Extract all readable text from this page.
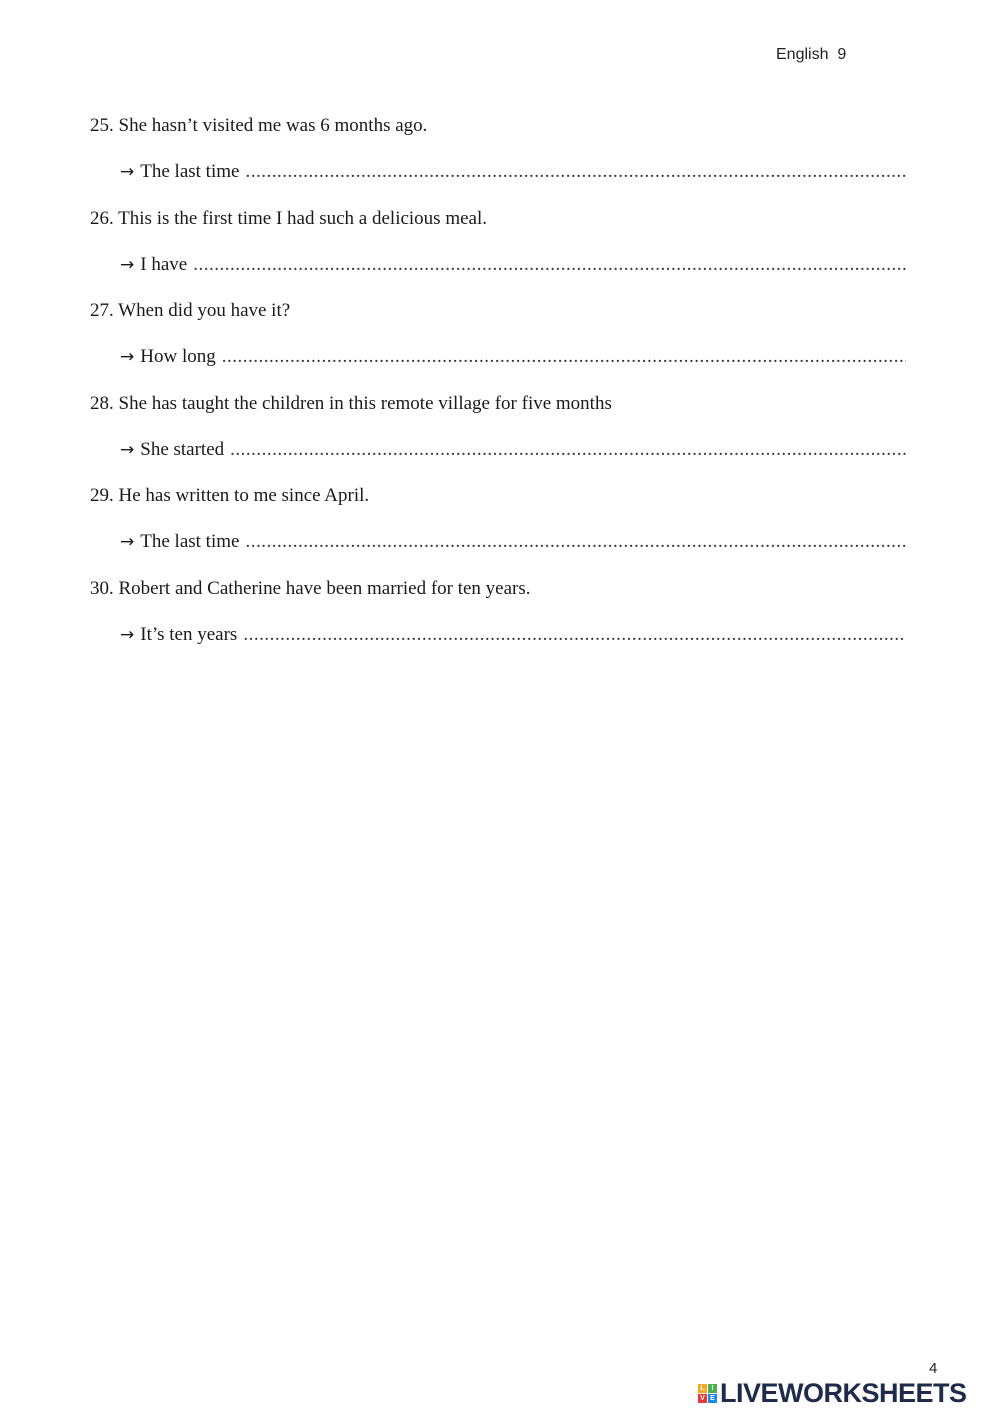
English  9
25. She hasn’t visited me was 6 months ago.
→ The last time
.....
26. This is the first time I had such a delicious meal.
→ I have
.....
27. When did you have it?
→ How long
.....
28. She has taught the children in this remote village for five months
→ She started
.....
29. He has written to me since April.
→ The last time
.....
30. Robert and Catherine have been married for ten years.
→ It’s ten years
.....
4
L I
V E LIVEWORKSHEETS
